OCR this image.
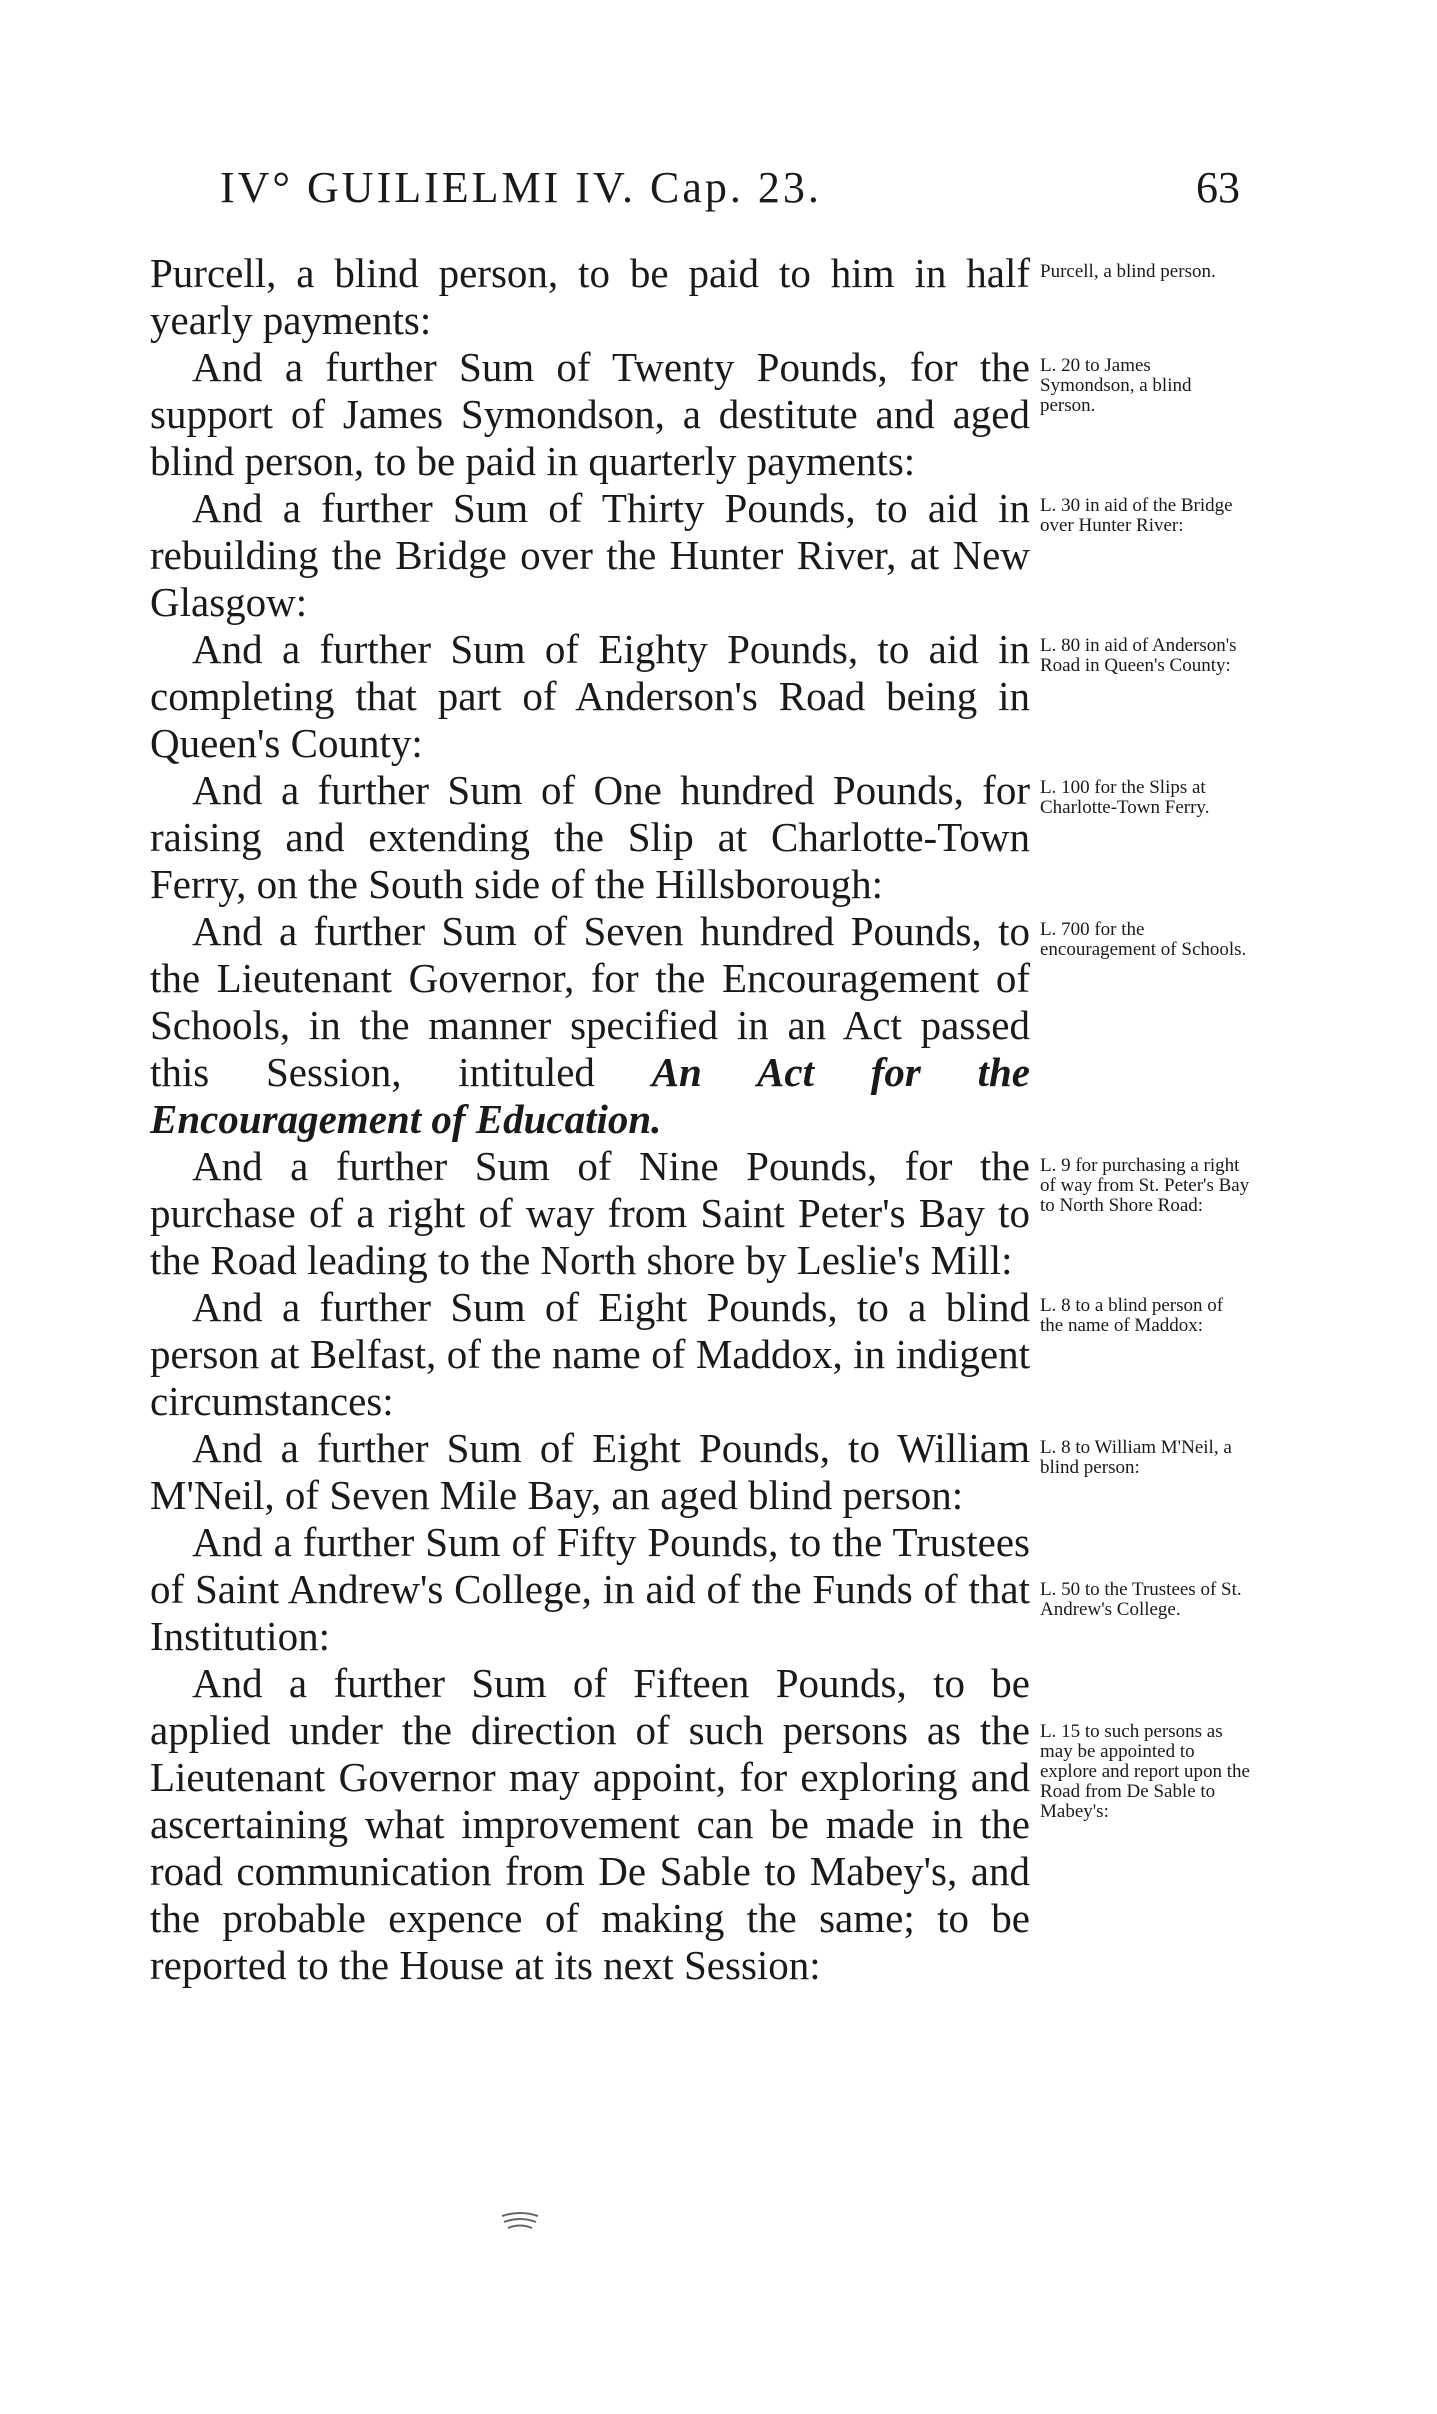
IV° GUILIELMI IV. Cap. 23.	63

Purcell, a blind person, to be paid to him in half yearly payments:

And a further Sum of Twenty Pounds, for the support of James Symondson, a destitute and aged blind person, to be paid in quarterly payments:

And a further Sum of Thirty Pounds, to aid in rebuilding the Bridge over the Hunter River, at New Glasgow:

And a further Sum of Eighty Pounds, to aid in completing that part of Anderson's Road being in Queen's County:

And a further Sum of One hundred Pounds, for raising and extending the Slip at Charlotte-Town Ferry, on the South side of the Hillsborough:

And a further Sum of Seven hundred Pounds, to the Lieutenant Governor, for the Encouragement of Schools, in the manner specified in an Act passed this Session, intituled An Act for the Encouragement of Education.

And a further Sum of Nine Pounds, for the purchase of a right of way from Saint Peter's Bay to the Road leading to the North shore by Leslie's Mill:

And a further Sum of Eight Pounds, to a blind person at Belfast, of the name of Maddox, in indigent circumstances:

And a further Sum of Eight Pounds, to William M'Neil, of Seven Mile Bay, an aged blind person:

And a further Sum of Fifty Pounds, to the Trustees of Saint Andrew's College, in aid of the Funds of that Institution:

And a further Sum of Fifteen Pounds, to be applied under the direction of such persons as the Lieutenant Governor may appoint, for exploring and ascertaining what improvement can be made in the road communication from De Sable to Mabey's, and the probable expence of making the same; to be reported to the House at its next Session:

Purcell, a blind person.
L. 20 to James Symondson, a blind person.
L. 30 in aid of the Bridge over Hunter River:
L. 80 in aid of Anderson's Road in Queen's County:
L. 100 for the Slips at Charlotte-Town Ferry.
L. 700 for the encouragement of Schools.
L. 9 for purchasing a right of way from St. Peter's Bay to North Shore Road:
L. 8 to a blind person of the name of Maddox:
L. 8 to William M'Neil, a blind person:
L. 50 to the Trustees of St. Andrew's College.
L. 15 to such persons as may be appointed to explore and report upon the Road from De Sable to Mabey's:
